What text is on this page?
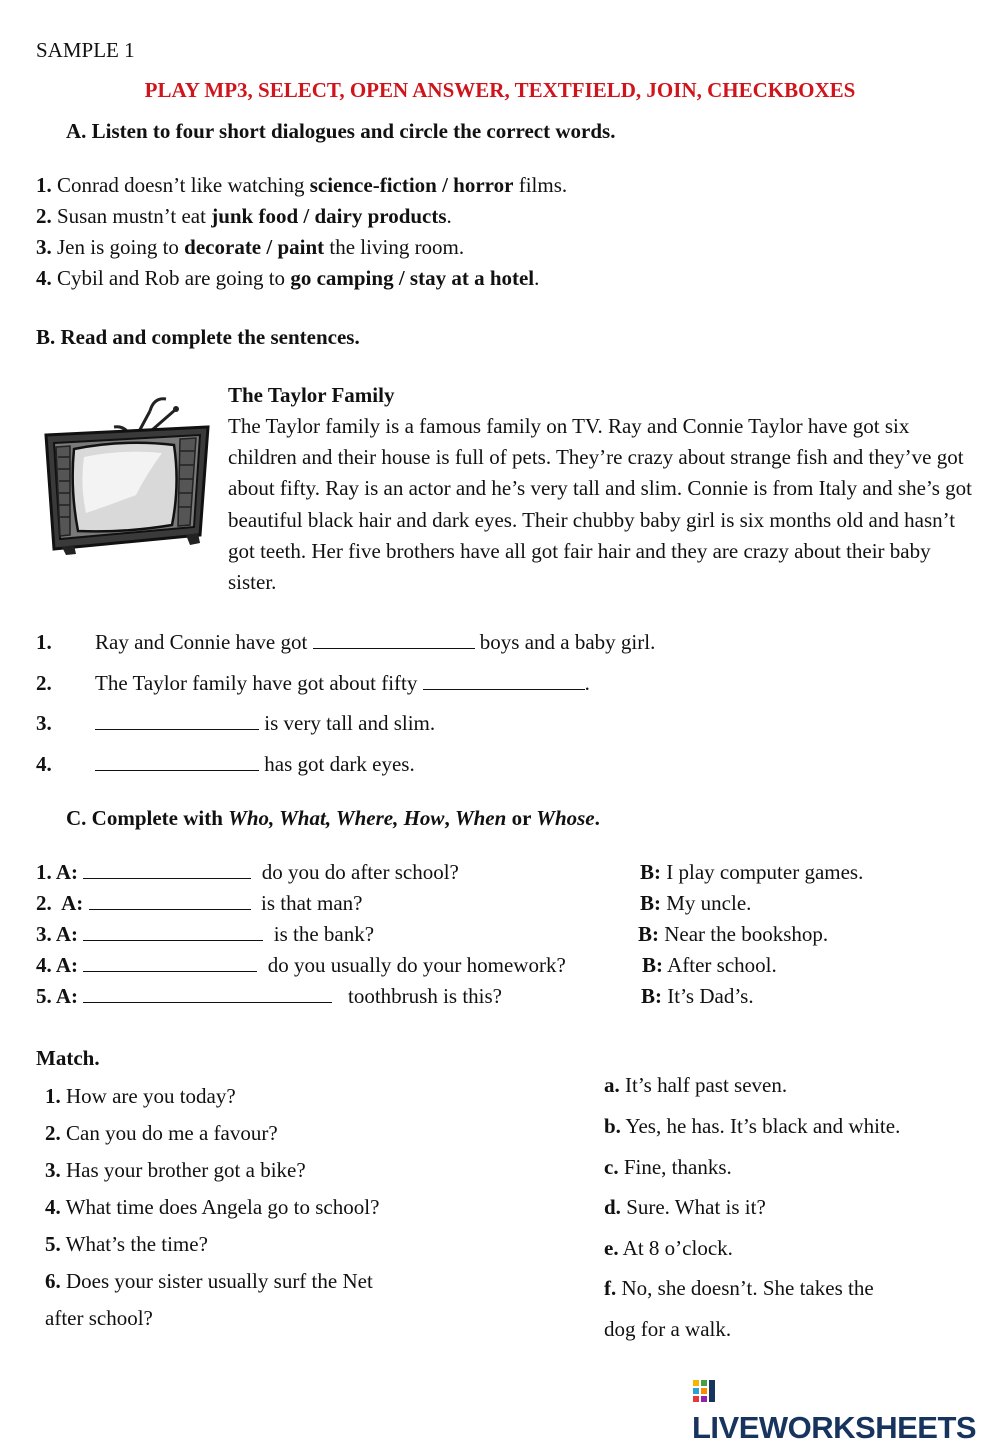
SAMPLE 1
PLAY MP3, SELECT, OPEN ANSWER, TEXTFIELD, JOIN, CHECKBOXES
A. Listen to four short dialogues and circle the correct words.
1. Conrad doesn’t like watching science-fiction / horror films.
2. Susan mustn’t eat junk food / dairy products.
3. Jen is going to decorate / paint the living room.
4. Cybil and Rob are going to go camping / stay at a hotel.
B. Read and complete the sentences.
The Taylor Family
The Taylor family is a famous family on TV. Ray and Connie Taylor have got six children and their house is full of pets. They’re crazy about strange fish and they’ve got about fifty. Ray is an actor and he’s very tall and slim. Connie is from Italy and she’s got beautiful black hair and dark eyes. Their chubby baby girl is six months old and hasn’t got teeth. Her five brothers have all got fair hair and they are crazy about their baby sister.
1. Ray and Connie have got	boys and a baby girl.
2. The Taylor family have got about fifty	.
3.	is very tall and slim.
4.	has got dark eyes.
C. Complete with Who, What, Where, How, When or Whose.
1. A:	do you do after school?	B: I play computer games.
2.  A:	is that man?	B: My uncle.
3. A:	is the bank?	B: Near the bookshop.
4. A:	do you usually do your homework?	B: After school.
5. A:	toothbrush is this?	B: It’s Dad’s.
Match.
1. How are you today?
2. Can you do me a favour?
3. Has your brother got a bike?
4. What time does Angela go to school?
5. What’s the time?
6. Does your sister usually surf the Net
after school?
a. It’s half past seven.
b. Yes, he has. It’s black and white.
c. Fine, thanks.
d. Sure. What is it?
e. At 8 o’clock.
f. No, she doesn’t. She takes the
dog for a walk.
LIVEWORKSHEETS
